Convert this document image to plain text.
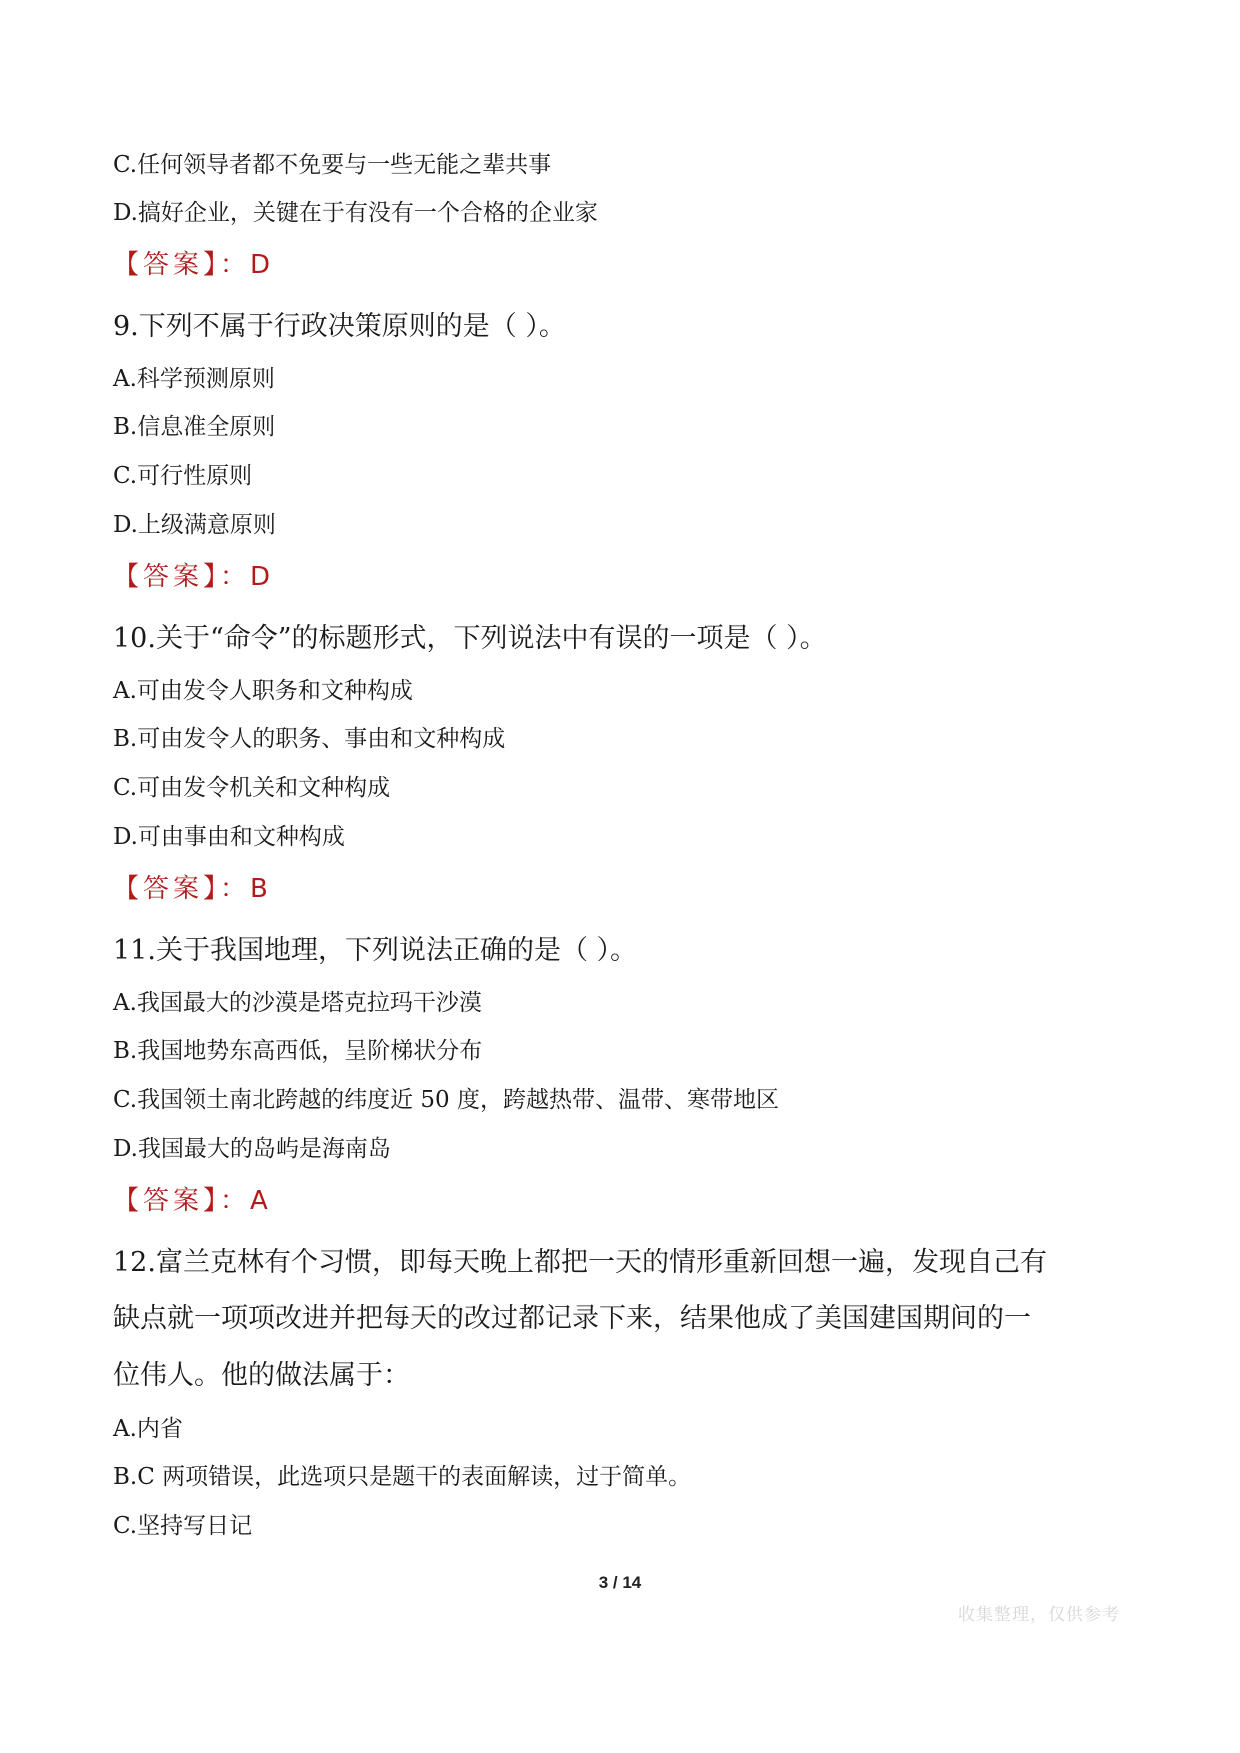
C.任何领导者都不免要与一些无能之辈共事
D.搞好企业，关键在于有没有一个合格的企业家
【答案】：D
9.下列不属于行政决策原则的是（ ）。
A.科学预测原则
B.信息准全原则
C.可行性原则
D.上级满意原则
【答案】：D
10.关于“命令”的标题形式，下列说法中有误的一项是（ ）。
A.可由发令人职务和文种构成
B.可由发令人的职务、事由和文种构成
C.可由发令机关和文种构成
D.可由事由和文种构成
【答案】：B
11.关于我国地理，下列说法正确的是（ ）。
A.我国最大的沙漠是塔克拉玛干沙漠
B.我国地势东高西低，呈阶梯状分布
C.我国领土南北跨越的纬度近 50 度，跨越热带、温带、寒带地区
D.我国最大的岛屿是海南岛
【答案】：A
12.富兰克林有个习惯，即每天晚上都把一天的情形重新回想一遍，发现自己有
缺点就一项项改进并把每天的改过都记录下来，结果他成了美国建国期间的一
位伟人。他的做法属于：
A.内省
B.C 两项错误，此选项只是题干的表面解读，过于简单。
C.坚持写日记
3 / 14
收集整理，仅供参考
